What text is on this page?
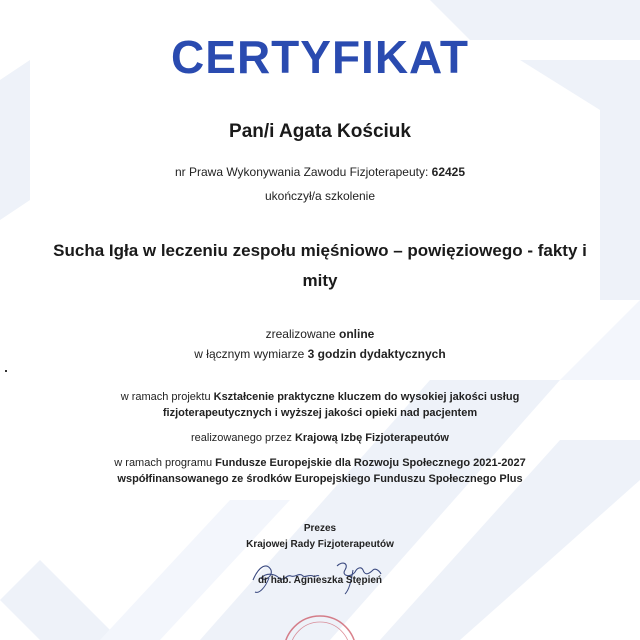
CERTYFIKAT
Pan/i Agata Kościuk
nr Prawa Wykonywania Zawodu Fizjoterapeuty: 62425
ukończył/a szkolenie
Sucha Igła w leczeniu zespołu mięśniowo – powięziowego - fakty i mity
zrealizowane online
w łącznym wymiarze 3 godzin dydaktycznych
w ramach projektu Kształcenie praktyczne kluczem do wysokiej jakości usług
fizjoterapeutycznych i wyższej jakości opieki nad pacjentem
realizowanego przez Krajową Izbę Fizjoterapeutów
w ramach programu Fundusze Europejskie dla Rozwoju Społecznego 2021-2027
współfinansowanego ze środków Europejskiego Funduszu Społecznego Plus
Prezes
Krajowej Rady Fizjoterapeutów
dr hab. Agnieszka Stępień
